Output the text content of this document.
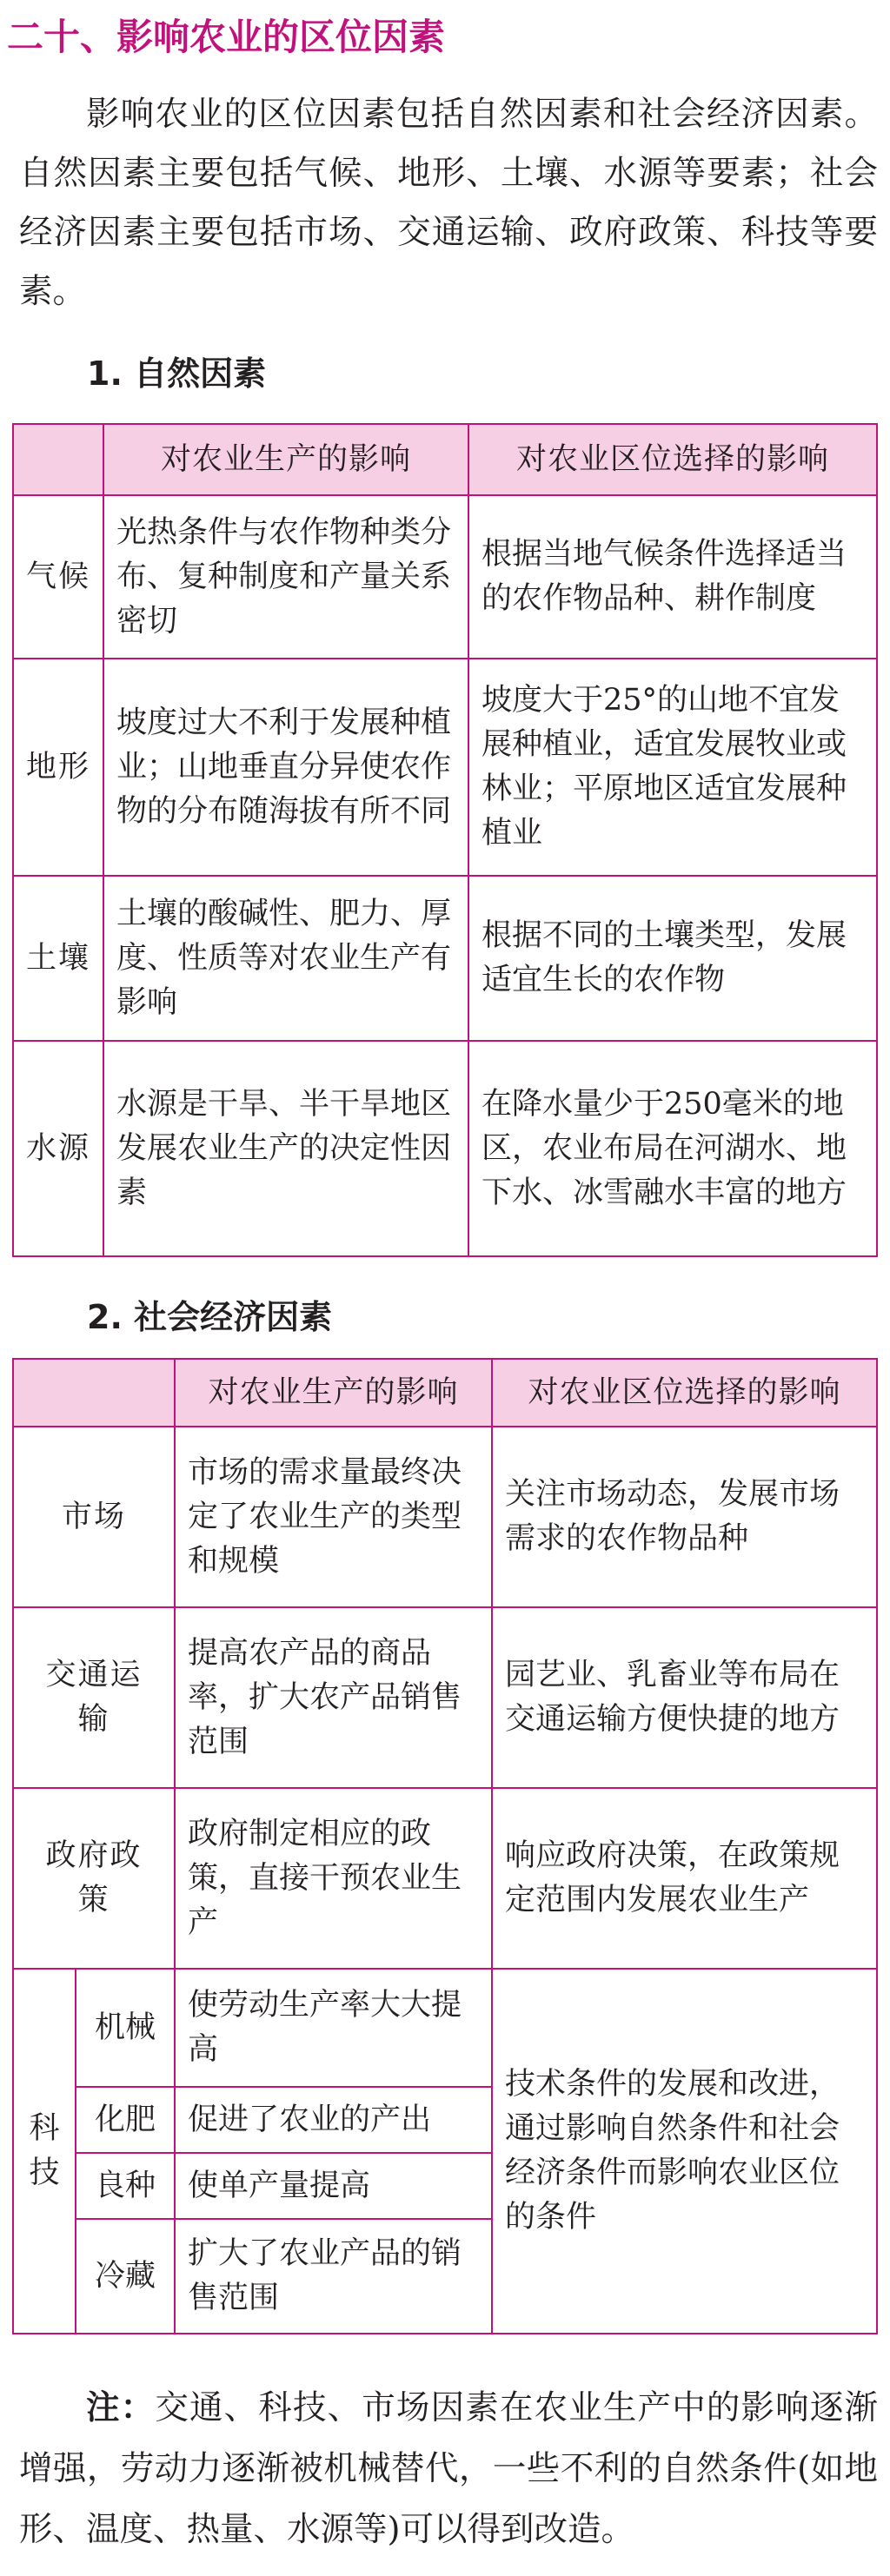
二十、影响农业的区位因素

影响农业的区位因素包括自然因素和社会经济因素。自然因素主要包括气候、地形、土壤、水源等要素；社会经济因素主要包括市场、交通运输、政府政策、科技等要素。

1. 自然因素
	对农业生产的影响	对农业区位选择的影响
气候	光热条件与农作物种类分布、复种制度和产量关系密切	根据当地气候条件选择适当的农作物品种、耕作制度
地形	坡度过大不利于发展种植业；山地垂直分异使农作物的分布随海拔有所不同	坡度大于25°的山地不宜发展种植业，适宜发展牧业或林业；平原地区适宜发展种植业
土壤	土壤的酸碱性、肥力、厚度、性质等对农业生产有影响	根据不同的土壤类型，发展适宜生长的农作物
水源	水源是干旱、半干旱地区发展农业生产的决定性因素	在降水量少于250毫米的地区，农业布局在河湖水、地下水、冰雪融水丰富的地方
2. 社会经济因素
		对农业生产的影响	对农业区位选择的影响
市场		市场的需求量最终决定了农业生产的类型和规模	关注市场动态，发展市场需求的农作物品种
交通运输		提高农产品的商品率，扩大农产品销售范围	园艺业、乳畜业等布局在交通运输方便快捷的地方
政府政策		政府制定相应的政策，直接干预农业生产	响应政府决策，在政策规定范围内发展农业生产

科技	机械	使劳动生产率大大提高	技术条件的发展和改进，通过影响自然条件和社会经济条件而影响农业区位的条件
	化肥	促进了农业的产出	
	良种	使单产量提高	
	冷藏	扩大了农业产品的销售范围	

注：交通、科技、市场因素在农业生产中的影响逐渐增强，劳动力逐渐被机械替代，一些不利的自然条件(如地形、温度、热量、水源等)可以得到改造。
